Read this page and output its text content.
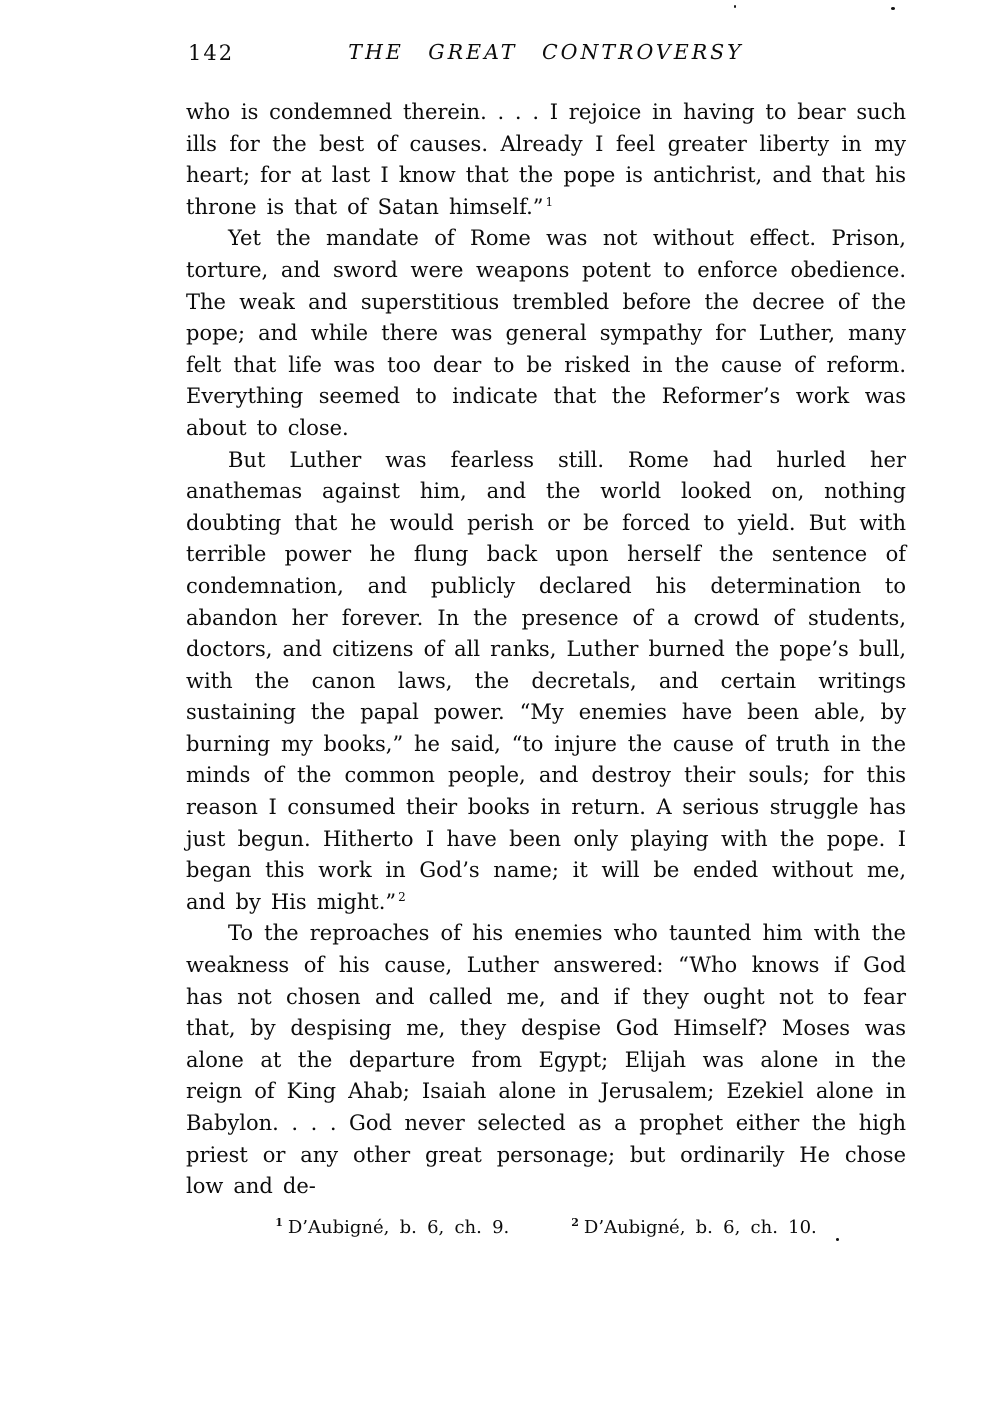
142	THE GREAT CONTROVERSY

who is condemned therein. . . . I rejoice in having to bear such ills for the best of causes. Already I feel greater liberty in my heart; for at last I know that the pope is antichrist, and that his throne is that of Satan himself.” $^1$

Yet the mandate of Rome was not without effect. Prison, torture, and sword were weapons potent to enforce obedience. The weak and superstitious trembled before the decree of the pope; and while there was general sympathy for Luther, many felt that life was too dear to be risked in the cause of reform. Everything seemed to indicate that the Reformer’s work was about to close.

But Luther was fearless still. Rome had hurled her anathemas against him, and the world looked on, nothing doubting that he would perish or be forced to yield. But with terrible power he flung back upon herself the sentence of condemnation, and publicly declared his determination to abandon her forever. In the presence of a crowd of students, doctors, and citizens of all ranks, Luther burned the pope’s bull, with the canon laws, the decretals, and certain writings sustaining the papal power. “My enemies have been able, by burning my books,” he said, “to injure the cause of truth in the minds of the common people, and destroy their souls; for this reason I consumed their books in return. A serious struggle has just begun. Hitherto I have been only playing with the pope. I began this work in God’s name; it will be ended without me, and by His might.” $^2$

To the reproaches of his enemies who taunted him with the weakness of his cause, Luther answered: “Who knows if God has not chosen and called me, and if they ought not to fear that, by despising me, they despise God Himself? Moses was alone at the departure from Egypt; Elijah was alone in the reign of King Ahab; Isaiah alone in Jerusalem; Ezekiel alone in Babylon. . . . God never selected as a prophet either the high priest or any other great personage; but ordinarily He chose low and de-

1 D’Aubigné, b. 6, ch. 9.	2 D’Aubigné, b. 6, ch. 10.
